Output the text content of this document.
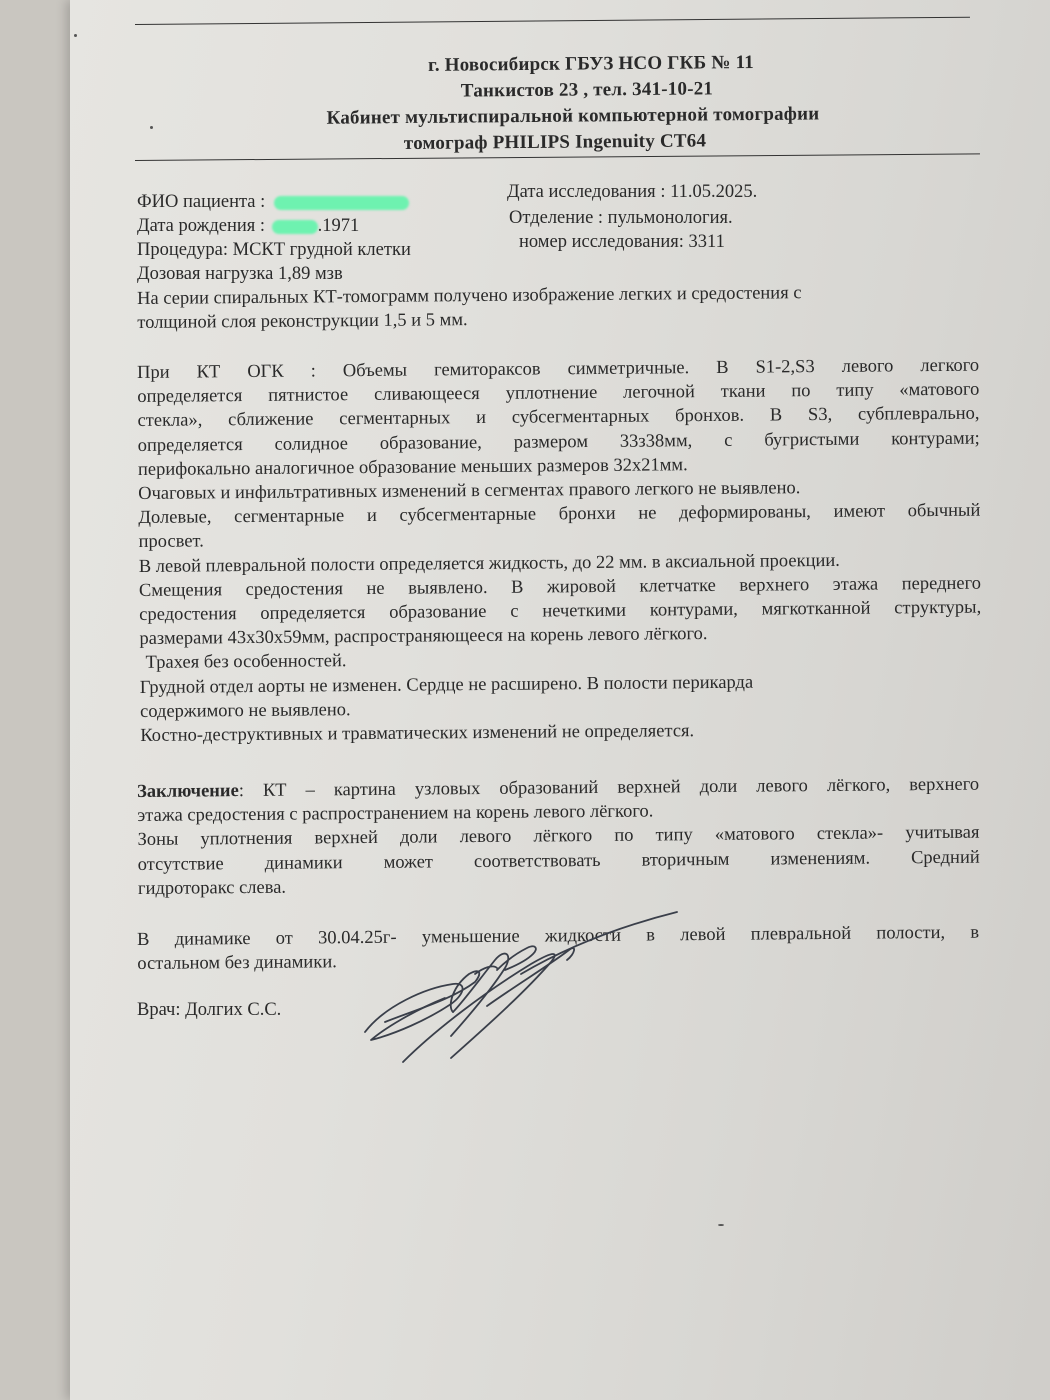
г. Новосибирск ГБУЗ НСО ГКБ № 11
Танкистов 23 , тел. 341-10-21
Кабинет мультиспиральной компьютерной томографии
томограф PHILIPS Ingenuity CT64
ФИО пациента :
Дата рождения :	.1971
Процедура: МСКТ грудной клетки
Дозовая нагрузка 1,89 мзв
Дата исследования : 11.05.2025.
Отделение : пульмонология.
номер исследования: 3311

На серии спиральных КТ-томограмм получено изображение легких и средостения с

толщиной слоя реконструкции 1,5 и 5 мм.

При КТ ОГК : Объемы гемитораксов симметричные. В S1-2,S3 левого легкого

определяется пятнистое сливающееся уплотнение легочной ткани по типу «матового

стекла», сближение сегментарных и субсегментарных бронхов. В S3, субплеврально,

определяется солидное образование, размером 33з38мм, с бугристыми контурами;

перифокально аналогичное образование меньших размеров 32х21мм.

Очаговых и инфильтративных изменений в сегментах правого легкого не выявлено.

Долевые, сегментарные и субсегментарные бронхи не деформированы, имеют обычный

просвет.

В левой плевральной полости определяется жидкость, до 22 мм. в аксиальной проекции.

Смещения средостения не выявлено. В жировой клетчатке верхнего этажа переднего

средостения определяется образование с нечеткими контурами, мягкотканной структуры,

размерами 43х30х59мм, распространяющееся на корень левого лёгкого.

Трахея без особенностей.

Грудной отдел аорты не изменен. Сердце не расширено. В полости перикарда

содержимого не выявлено.

Костно-деструктивных и травматических изменений не определяется.

Заключение: КТ – картина узловых образований верхней доли левого лёгкого, верхнего

этажа средостения с распространением на корень левого лёгкого.

Зоны уплотнения верхней доли левого лёгкого по типу «матового стекла»- учитывая

отсутствие динамики может соответствовать вторичным изменениям. Средний

гидроторакс слева.

В динамике от 30.04.25г- уменьшение жидкости в левой плевральной полости, в

остальном без динамики.

Врач: Долгих С.С.
